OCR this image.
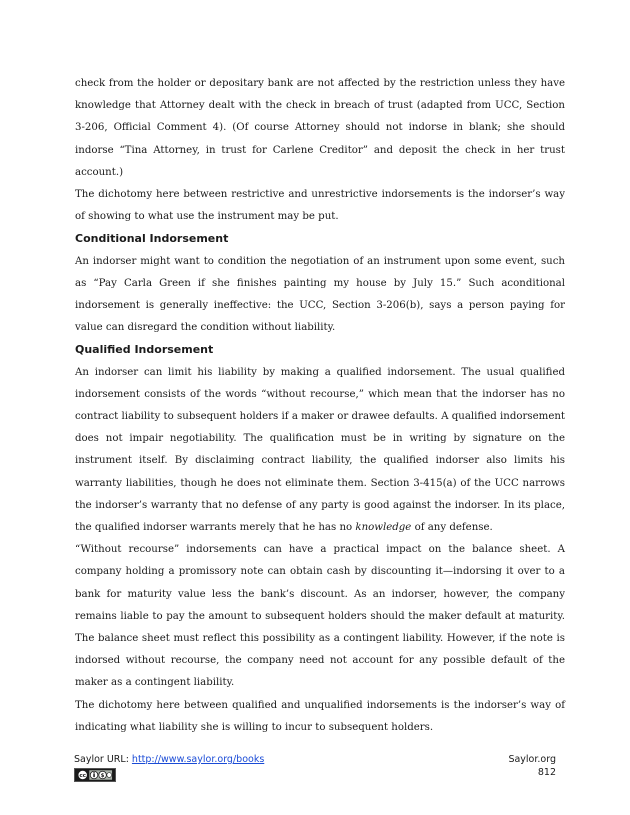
check from the holder or depositary bank are not affected by the restriction unless they have knowledge that Attorney dealt with the check in breach of trust (adapted from UCC, Section 3-206, Official Comment 4). (Of course Attorney should not indorse in blank; she should indorse “Tina Attorney, in trust for Carlene Creditor” and deposit the check in her trust account.)

The dichotomy here between restrictive and unrestrictive indorsements is the indorser’s way of showing to what use the instrument may be put.

Conditional Indorsement

An indorser might want to condition the negotiation of an instrument upon some event, such as “Pay Carla Green if she finishes painting my house by July 15.” Such aconditional indorsement is generally ineffective: the UCC, Section 3-206(b), says a person paying for value can disregard the condition without liability.

Qualified Indorsement

An indorser can limit his liability by making a qualified indorsement. The usual qualified indorsement consists of the words “without recourse,” which mean that the indorser has no contract liability to subsequent holders if a maker or drawee defaults. A qualified indorsement does not impair negotiability. The qualification must be in writing by signature on the instrument itself. By disclaiming contract liability, the qualified indorser also limits his warranty liabilities, though he does not eliminate them. Section 3-415(a) of the UCC narrows the indorser’s warranty that no defense of any party is good against the indorser. In its place, the qualified indorser warrants merely that he has no knowledge of any defense.

“Without recourse” indorsements can have a practical impact on the balance sheet. A company holding a promissory note can obtain cash by discounting it—indorsing it over to a bank for maturity value less the bank’s discount. As an indorser, however, the company remains liable to pay the amount to subsequent holders should the maker default at maturity. The balance sheet must reflect this possibility as a contingent liability. However, if the note is indorsed without recourse, the company need not account for any possible default of the maker as a contingent liability.

The dichotomy here between qualified and unqualified indorsements is the indorser’s way of indicating what liability she is willing to incur to subsequent holders.

Saylor URL: http://www.saylor.org/books
cc	$
Saylor.org
812
